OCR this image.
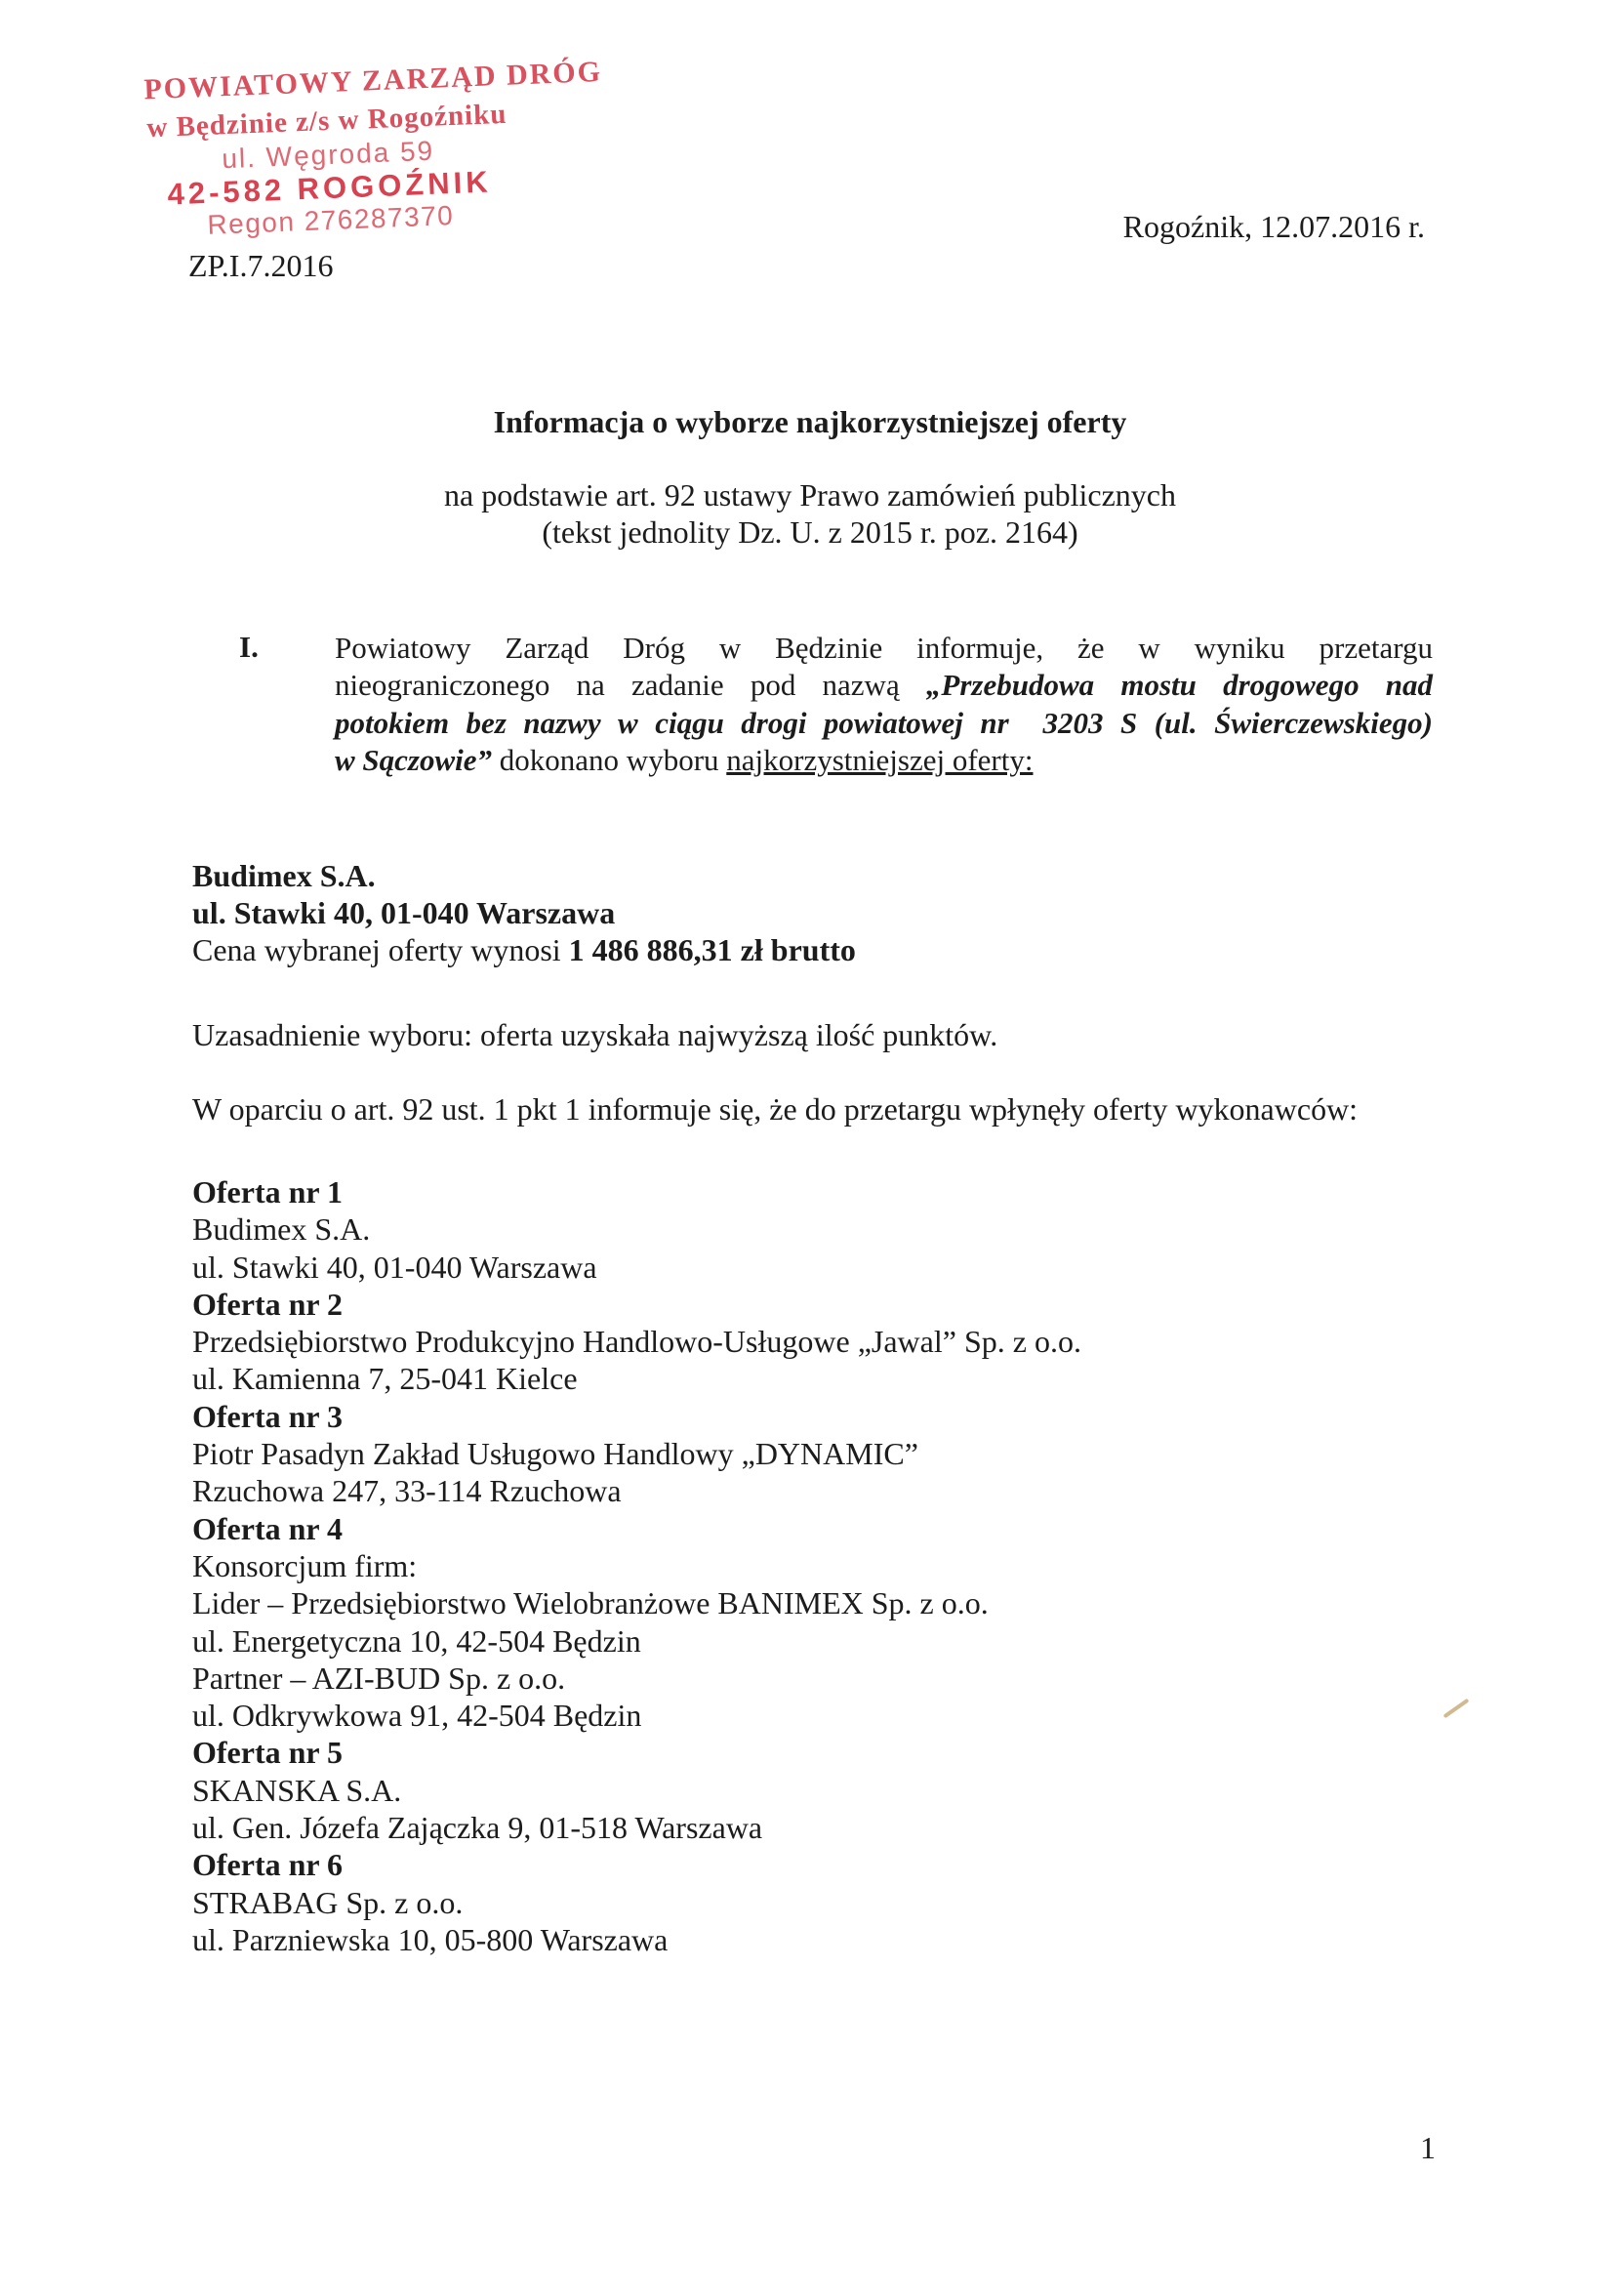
POWIATOWY ZARZĄD DRÓG
w Będzinie z/s w Rogoźniku
ul. Węgroda 59
42-582 ROGOŹNIK
Regon 276287370	Rogoźnik, 12.07.2016 r.
ZP.I.7.2016
Informacja o wyborze najkorzystniejszej oferty
na podstawie art. 92 ustawy Prawo zamówień publicznych
(tekst jednolity Dz. U. z 2015 r. poz. 2164)
I.	Powiatowy Zarząd Dróg w Będzinie informuje, że w wyniku przetargu
nieograniczonego na zadanie pod nazwą „Przebudowa mostu drogowego nad
potokiem bez nazwy w ciągu drogi powiatowej nr  3203 S (ul. Świerczewskiego)
w Sączowie” dokonano wyboru najkorzystniejszej oferty:
Budimex S.A.
ul. Stawki 40, 01-040 Warszawa
Cena wybranej oferty wynosi 1 486 886,31 zł brutto
Uzasadnienie wyboru: oferta uzyskała najwyższą ilość punktów.
W oparciu o art. 92 ust. 1 pkt 1 informuje się, że do przetargu wpłynęły oferty wykonawców:
Oferta nr 1
Budimex S.A.
ul. Stawki 40, 01-040 Warszawa
Oferta nr 2
Przedsiębiorstwo Produkcyjno Handlowo-Usługowe „Jawal” Sp. z o.o.
ul. Kamienna 7, 25-041 Kielce
Oferta nr 3
Piotr Pasadyn Zakład Usługowo Handlowy „DYNAMIC”
Rzuchowa 247, 33-114 Rzuchowa
Oferta nr 4
Konsorcjum firm:
Lider – Przedsiębiorstwo Wielobranżowe BANIMEX Sp. z o.o.
ul. Energetyczna 10, 42-504 Będzin
Partner – AZI-BUD Sp. z o.o.
ul. Odkrywkowa 91, 42-504 Będzin
Oferta nr 5
SKANSKA S.A.
ul. Gen. Józefa Zajączka 9, 01-518 Warszawa
Oferta nr 6
STRABAG Sp. z o.o.
ul. Parzniewska 10, 05-800 Warszawa
1
